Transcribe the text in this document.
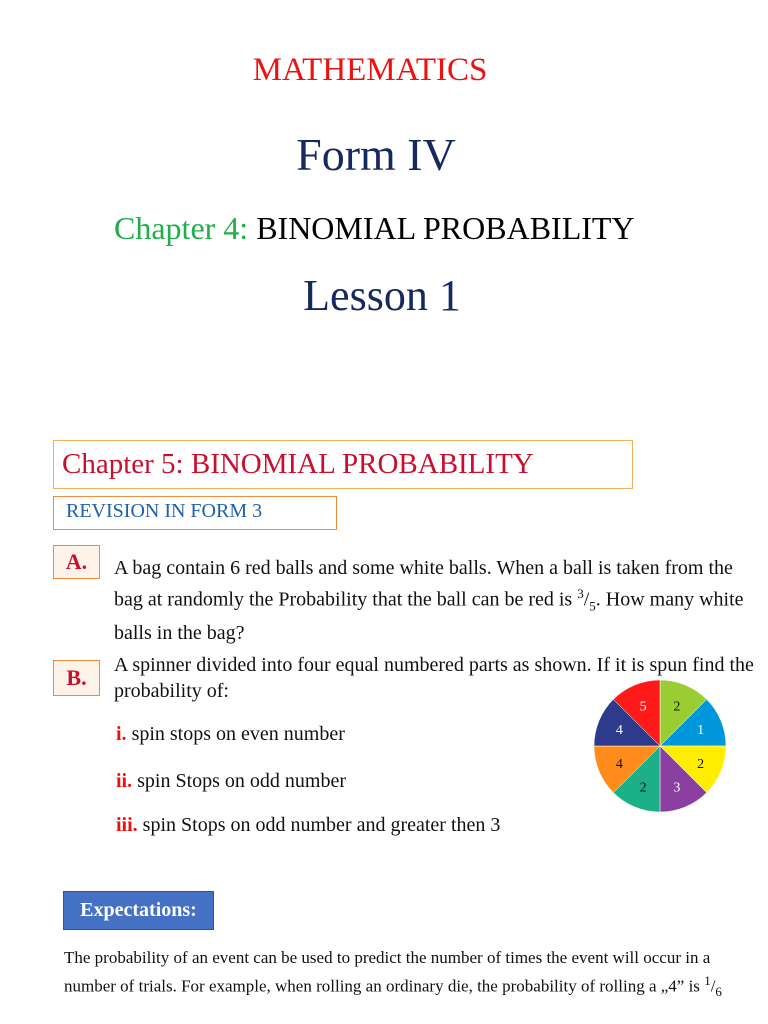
MATHEMATICS
Form IV
Chapter 4: BINOMIAL PROBABILITY
Lesson 1
Chapter 5: BINOMIAL PROBABILITY
REVISION IN FORM 3
A.	A bag contain 6 red balls and some white balls. When a ball is taken from the bag at randomly the Probability that the ball can be red is $^3/_5$. How many white balls in the bag?
B.	A spinner divided into four equal numbered parts as shown. If it is spun find the probability of:
i. spin stops on even number
ii. spin Stops on odd number
iii. spin Stops on odd number and greater then 3
2
1
2
3
2
4
4
5
Expectations:
The probability of an event can be used to predict the number of times the event will occur in a number of trials. For example, when rolling an ordinary die, the probability of rolling a „4” is $^1/_6$
